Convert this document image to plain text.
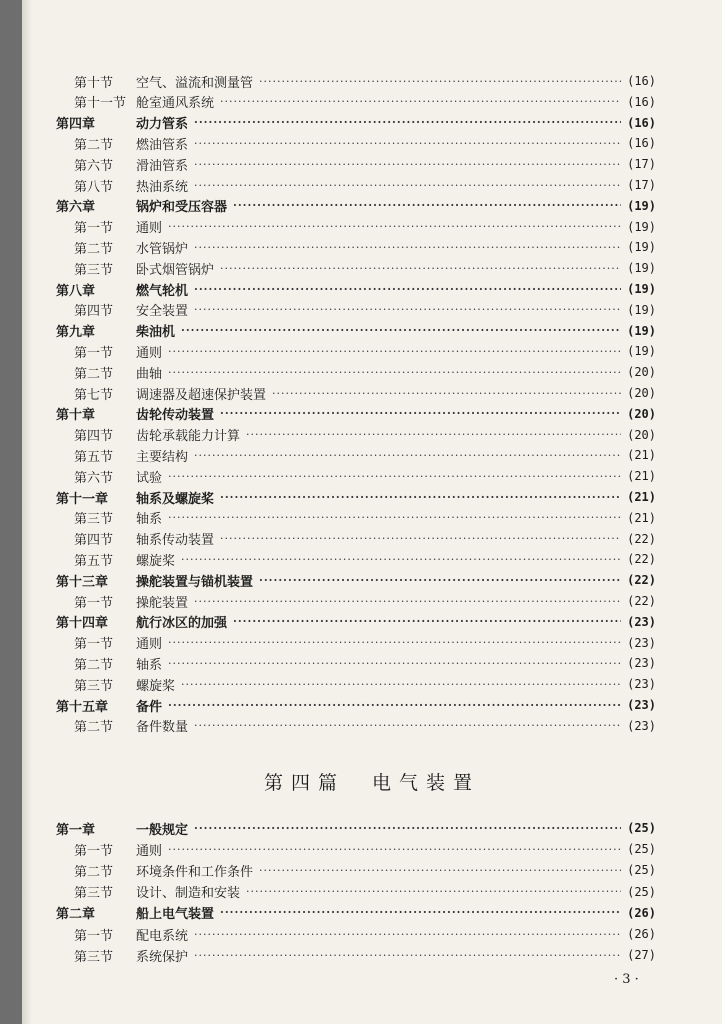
第十节	空气、溢流和测量管 ·····	(16)
第十一节 舱室通风系统 ·····	(16)
第四章	动力管系 ·····	(16)
第二节	燃油管系 ·····	(16)
第六节	滑油管系 ·····	(17)
第八节	热油系统 ·····	(17)
第六章	锅炉和受压容器 ·····	(19)
第一节	通则 ·····	(19)
第二节	水管锅炉 ·····	(19)
第三节	卧式烟管锅炉 ·····	(19)
第八章	燃气轮机 ·····	(19)
第四节	安全装置 ·····	(19)
第九章	柴油机 ·····	(19)
第一节	通则 ·····	(19)
第二节	曲轴 ·····	(20)
第七节	调速器及超速保护装置 ·····	(20)
第十章	齿轮传动装置 ·····	(20)
第四节	齿轮承载能力计算 ·····	(20)
第五节	主要结构 ·····	(21)
第六节	试验 ·····	(21)
第十一章	轴系及螺旋桨 ·····	(21)
第三节	轴系 ·····	(21)
第四节	轴系传动装置 ·····	(22)
第五节	螺旋桨 ·····	(22)
第十三章	操舵装置与锚机装置 ·····	(22)
第一节	操舵装置 ·····	(22)
第十四章	航行冰区的加强 ·····	(23)
第一节	通则 ·····	(23)
第二节	轴系 ·····	(23)
第三节	螺旋桨 ·····	(23)
第十五章	备件 ·····	(23)
第二节	备件数量 ·····	(23)
第一章	一般规定 ·····	(25)
第一节	通则 ·····	(25)
第二节	环境条件和工作条件 ·····	(25)
第三节	设计、制造和安装 ·····	(25)
第二章	船上电气装置 ·····	(26)
第一节	配电系统 ·····	(26)
第三节	系统保护 ·····	(27)
第四篇　电气装置
· 3 ·
